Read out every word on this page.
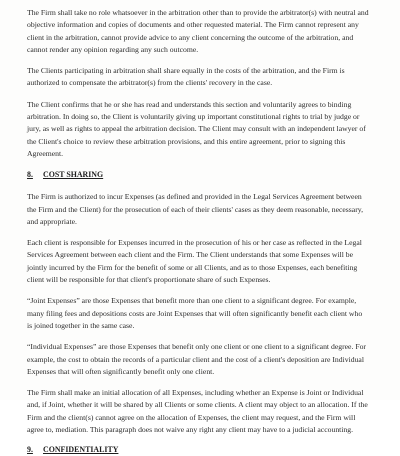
The Firm shall take no role whatsoever in the arbitration other than to provide the arbitrator(s) with neutral and objective information and copies of documents and other requested material. The Firm cannot represent any client in the arbitration, cannot provide advice to any client concerning the outcome of the arbitration, and cannot render any opinion regarding any such outcome.

The Clients participating in arbitration shall share equally in the costs of the arbitration, and the Firm is authorized to compensate the arbitrator(s) from the clients' recovery in the case.

The Client confirms that he or she has read and understands this section and voluntarily agrees to binding arbitration. In doing so, the Client is voluntarily giving up important constitutional rights to trial by judge or jury, as well as rights to appeal the arbitration decision. The Client may consult with an independent lawyer of the Client's choice to review these arbitration provisions, and this entire agreement, prior to signing this Agreement.

8. COST SHARING

The Firm is authorized to incur Expenses (as defined and provided in the Legal Services Agreement between the Firm and the Client) for the prosecution of each of their clients' cases as they deem reasonable, necessary, and appropriate.

Each client is responsible for Expenses incurred in the prosecution of his or her case as reflected in the Legal Services Agreement between each client and the Firm. The Client understands that some Expenses will be jointly incurred by the Firm for the benefit of some or all Clients, and as to those Expenses, each benefiting client will be responsible for that client's proportionate share of such Expenses.

“Joint Expenses” are those Expenses that benefit more than one client to a significant degree. For example, many filing fees and depositions costs are Joint Expenses that will often significantly benefit each client who is joined together in the same case.

“Individual Expenses” are those Expenses that benefit only one client or one client to a significant degree. For example, the cost to obtain the records of a particular client and the cost of a client's deposition are Individual Expenses that will often significantly benefit only one client.

The Firm shall make an initial allocation of all Expenses, including whether an Expense is Joint or Individual and, if Joint, whether it will be shared by all Clients or some clients. A client may object to an allocation. If the Firm and the client(s) cannot agree on the allocation of Expenses, the client may request, and the Firm will agree to, mediation. This paragraph does not waive any right any client may have to a judicial accounting.

9. CONFIDENTIALITY
